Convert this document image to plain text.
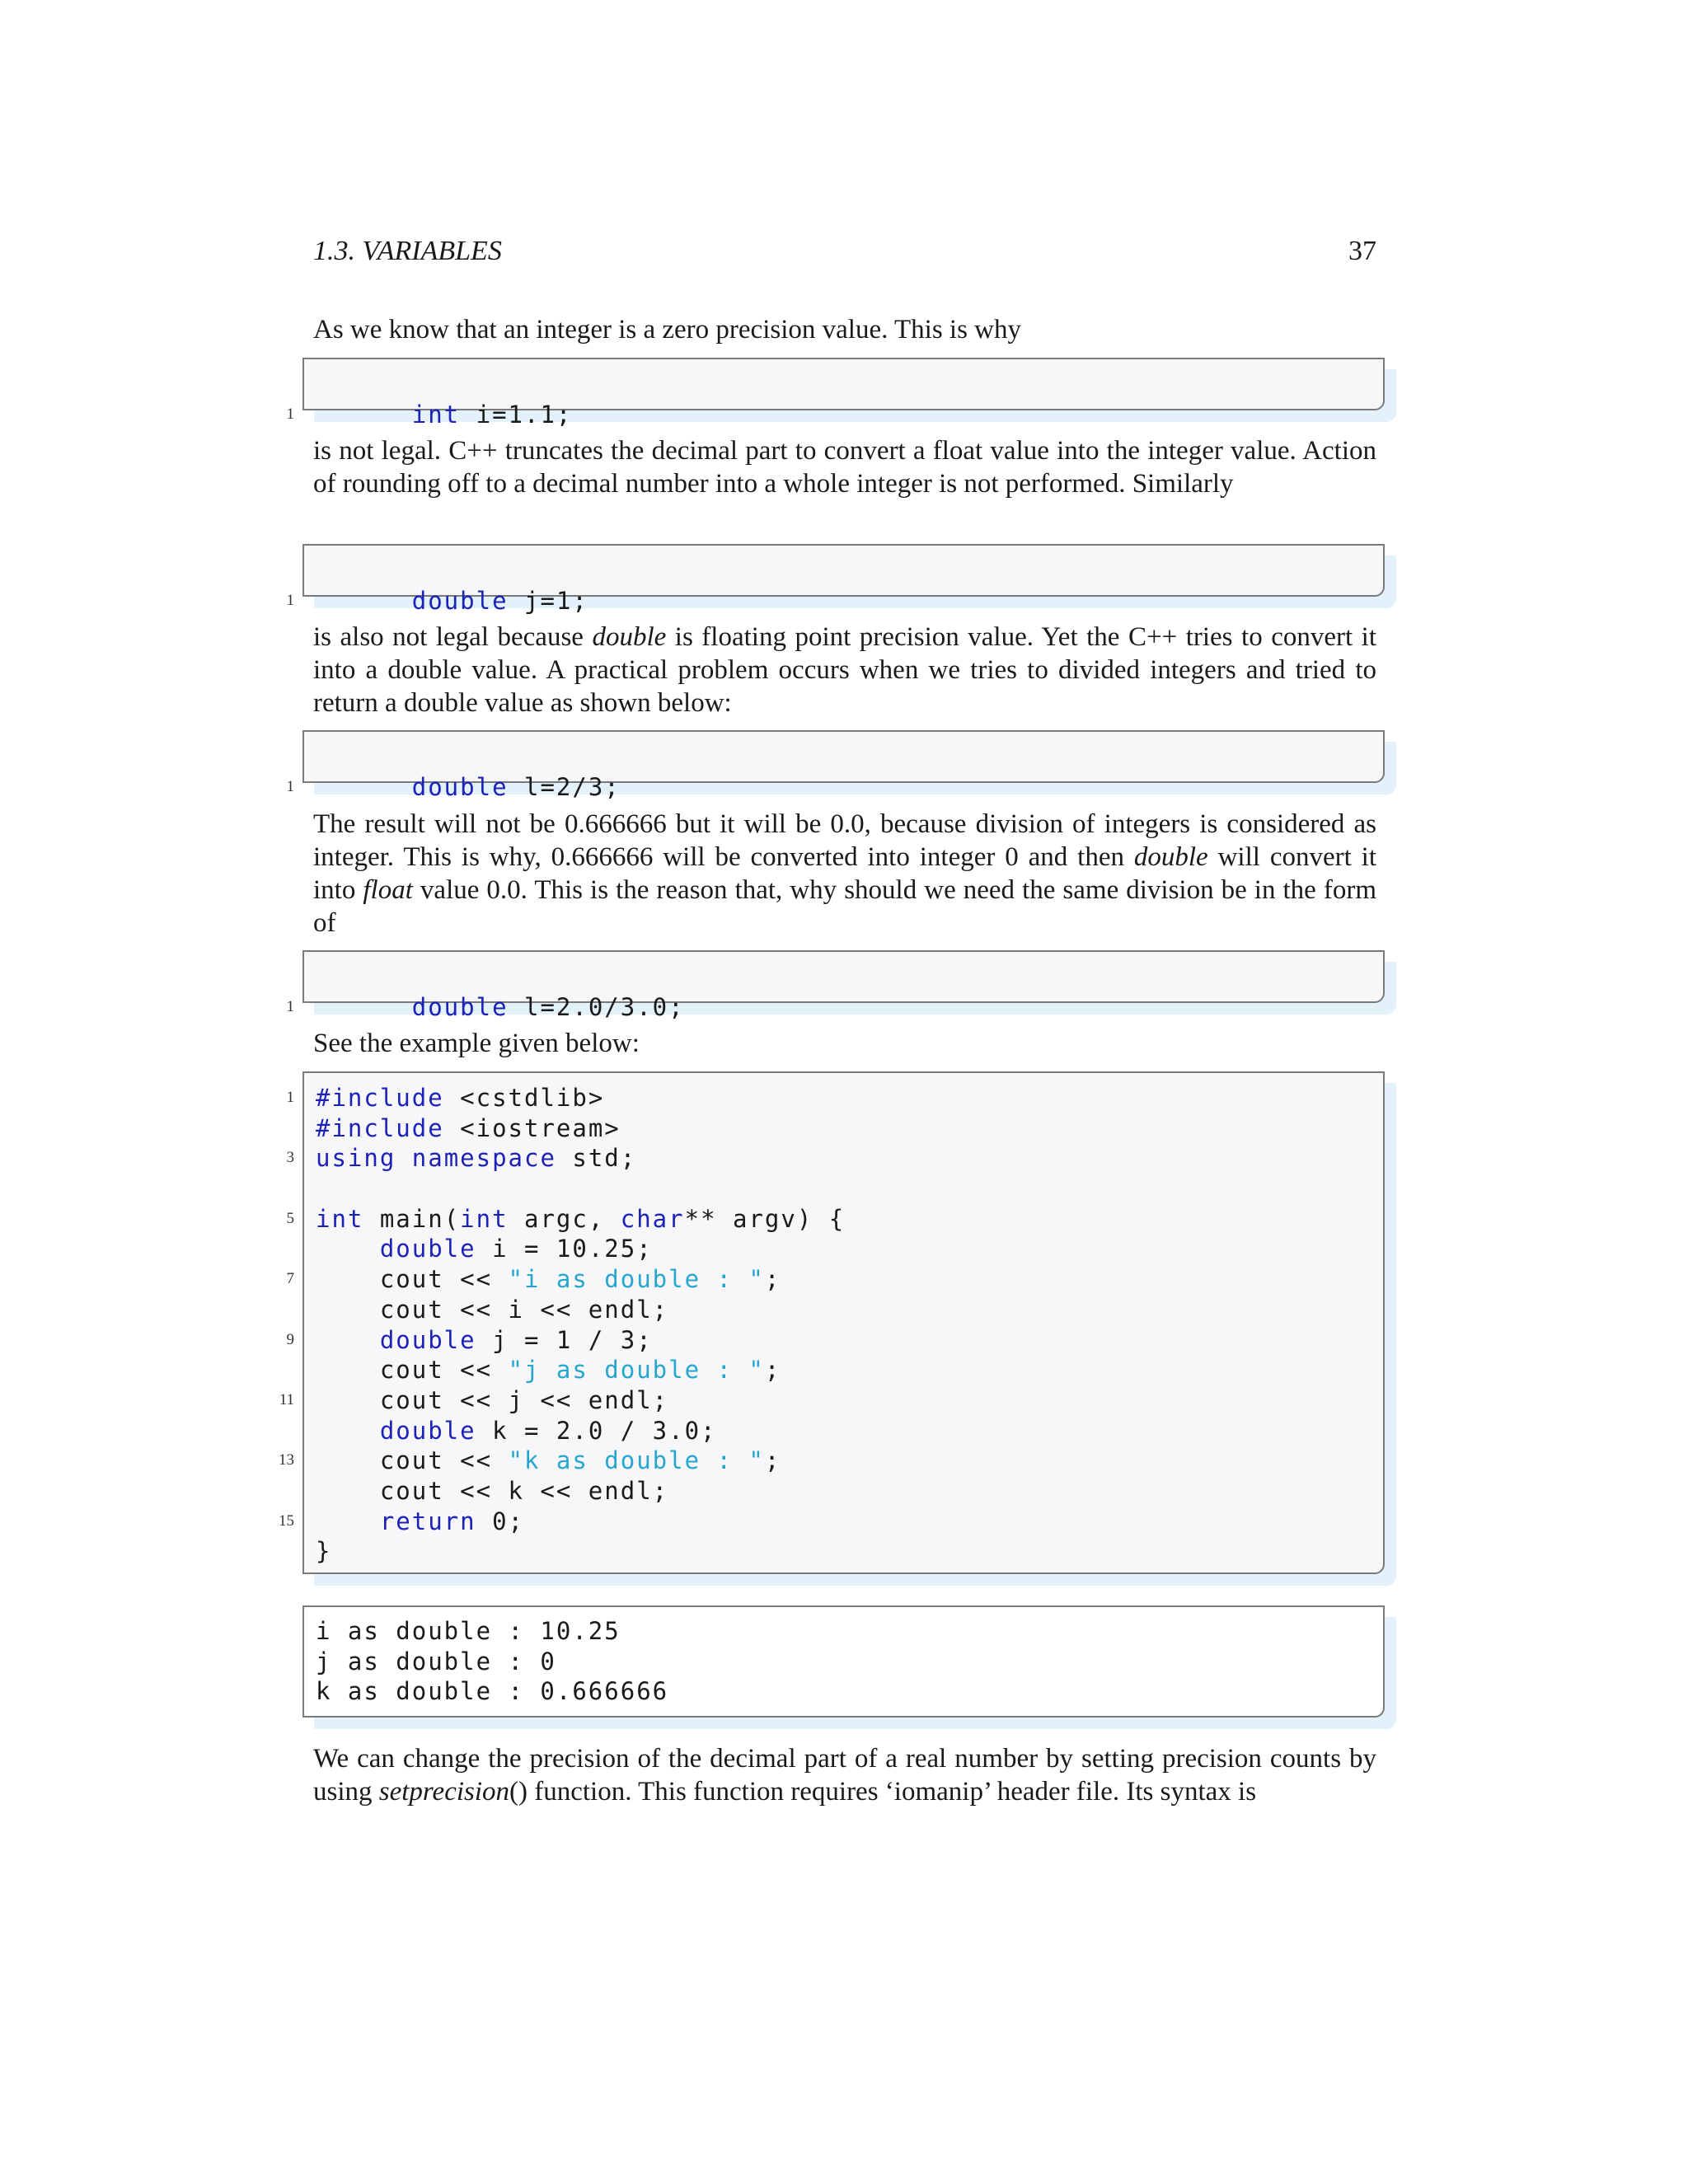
1.3. VARIABLES	37

As we know that an integer is a zero precision value. This is why

1	int i=1.1;

is not legal. C++ truncates the decimal part to convert a float value into the integer value. Action of rounding off to a decimal number into a whole integer is not performed. Similarly

1	double j=1;

is also not legal because double is floating point precision value. Yet the C++ tries to convert it into a double value. A practical problem occurs when we tries to divided integers and tried to return a double value as shown below:

1	double l=2/3;

The result will not be 0.666666 but it will be 0.0, because division of integers is considered as integer. This is why, 0.666666 will be converted into integer 0 and then double will convert it into float value 0.0. This is the reason that, why should we need the same division be in the form of

1	double l=2.0/3.0;

See the example given below:

1 #include <cstdlib>
#include <iostream>
3 using namespace std;
5 int main(int argc, char** argv) {
double i = 10.25;
7	cout << "i as double : ";
cout << i << endl;
9	double j = 1 / 3;
cout << "j as double : ";
11 cout << j << endl;
double k = 2.0 / 3.0;
13	cout << "k as double : ";
cout << k << endl;
15	return 0;
}
i as double : 10.25
j as double : 0
k as double : 0.666666

We can change the precision of the decimal part of a real number by setting precision counts by using setprecision() function. This function requires ‘iomanip’ header file. Its syntax is
